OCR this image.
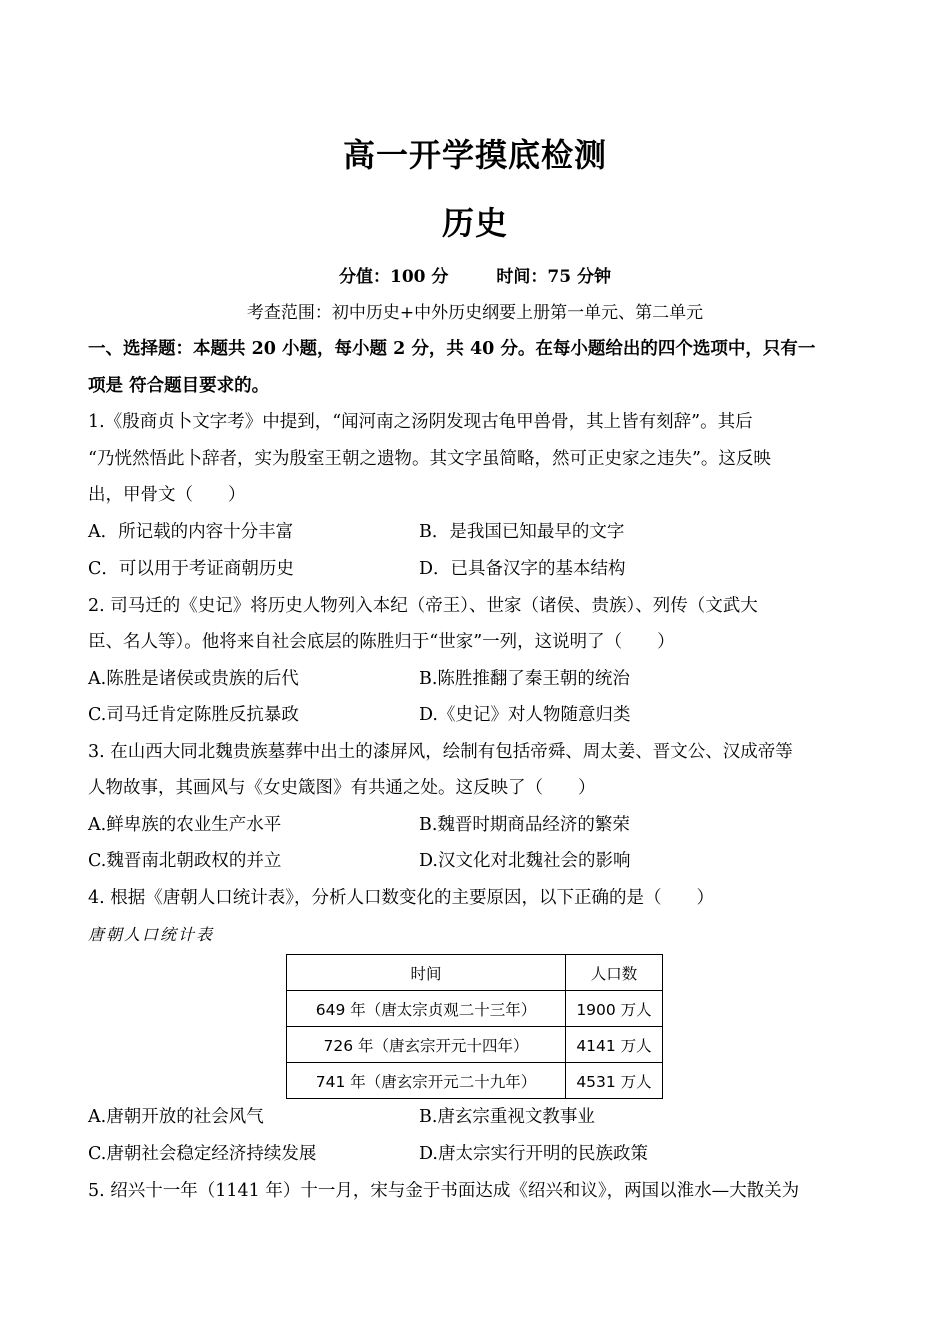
高一开学摸底检测
历史
分值：100 分	时间：75 分钟
考查范围：初中历史+中外历史纲要上册第一单元、第二单元
一、选择题：本题共 20 小题，每小题 2 分，共 40 分。在每小题给出的四个选项中，只有一
项是 符合题目要求的。
1.《殷商贞卜文字考》中提到，“闻河南之汤阴发现古龟甲兽骨，其上皆有刻辞”。其后
“乃恍然悟此卜辞者，实为殷室王朝之遗物。其文字虽简略，然可正史家之违失”。这反映
出，甲骨文（　　）
A．所记载的内容十分丰富	B．是我国已知最早的文字
C．可以用于考证商朝历史	D．已具备汉字的基本结构
2. 司马迁的《史记》将历史人物列入本纪（帝王）、世家（诸侯、贵族）、列传（文武大
臣、名人等）。他将来自社会底层的陈胜归于“世家”一列，这说明了（　　）
A.陈胜是诸侯或贵族的后代	B.陈胜推翻了秦王朝的统治
C.司马迁肯定陈胜反抗暴政	D.《史记》对人物随意归类
3. 在山西大同北魏贵族墓葬中出土的漆屏风，绘制有包括帝舜、周太姜、晋文公、汉成帝等
人物故事，其画风与《女史箴图》有共通之处。这反映了（　　）
A.鲜卑族的农业生产水平	B.魏晋时期商品经济的繁荣
C.魏晋南北朝政权的并立	D.汉文化对北魏社会的影响
4. 根据《唐朝人口统计表》，分析人口数变化的主要原因，以下正确的是（　　）
唐朝人口统计表
时间	人口数
649 年（唐太宗贞观二十三年）	1900 万人
726 年（唐玄宗开元十四年）	4141 万人
741 年（唐玄宗开元二十九年）	4531 万人
A.唐朝开放的社会风气	B.唐玄宗重视文教事业
C.唐朝社会稳定经济持续发展	D.唐太宗实行开明的民族政策
5. 绍兴十一年（1141 年）十一月，宋与金于书面达成《绍兴和议》，两国以淮水—大散关为
